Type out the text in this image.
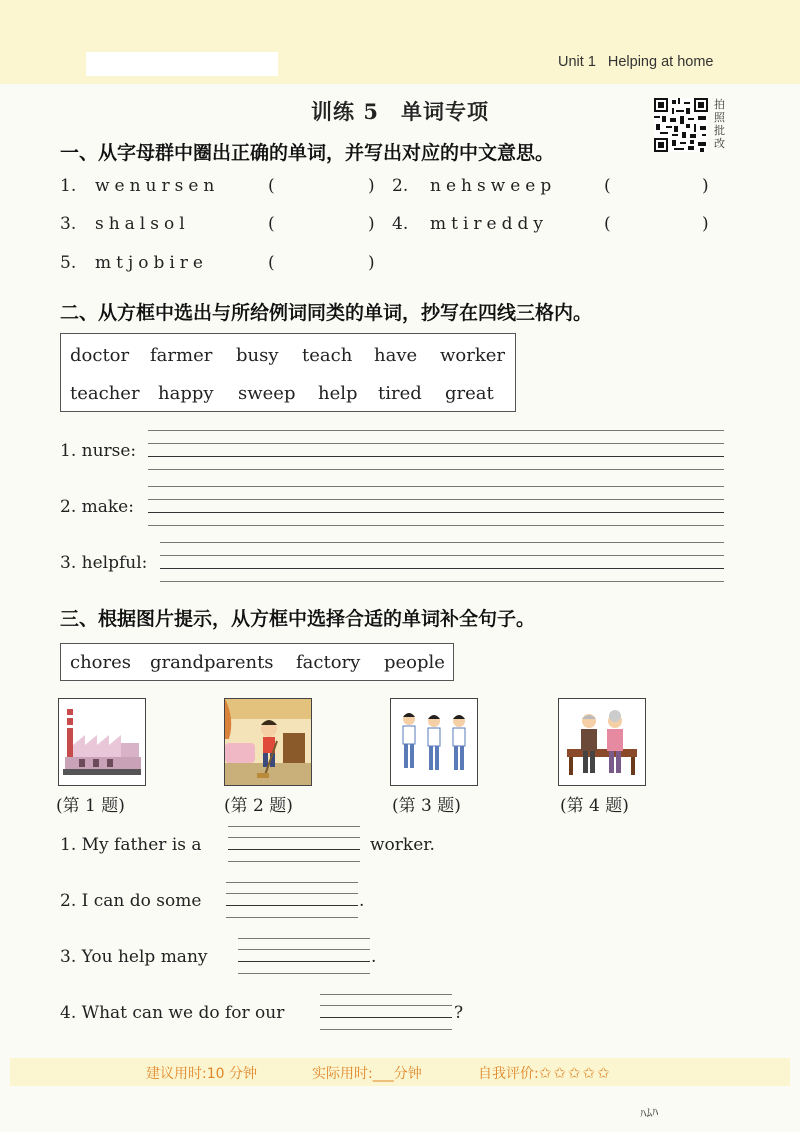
Unit 1 Helping at home
训练 5 单词专项	拍照批改
一、从字母群中圈出正确的单词，并写出对应的中文意思。
1. wenursen	(	) 2. nehsweep	(	)
3. shalsol	(	) 4. mtireddy	(	)
5. mtjobire	(	)
二、从方框中选出与所给例词同类的单词，抄写在四线三格内。
doctor farmer busy teach have worker
teacher happy sweep help tired great
1. nurse:
2. make:
3. helpful:
三、根据图片提示，从方框中选择合适的单词补全句子。
chores grandparents factory people
(第 1 题)	(第 2 题)	(第 3 题)	(第 4 题)
1. My father is a	worker.
2. I can do some	.
3. You help many	.
4. What can we do for our	?
建议用时:10 分钟	实际用时:___分钟	自我评价:✩✩✩✩✩
ﾊﾑﾊ
